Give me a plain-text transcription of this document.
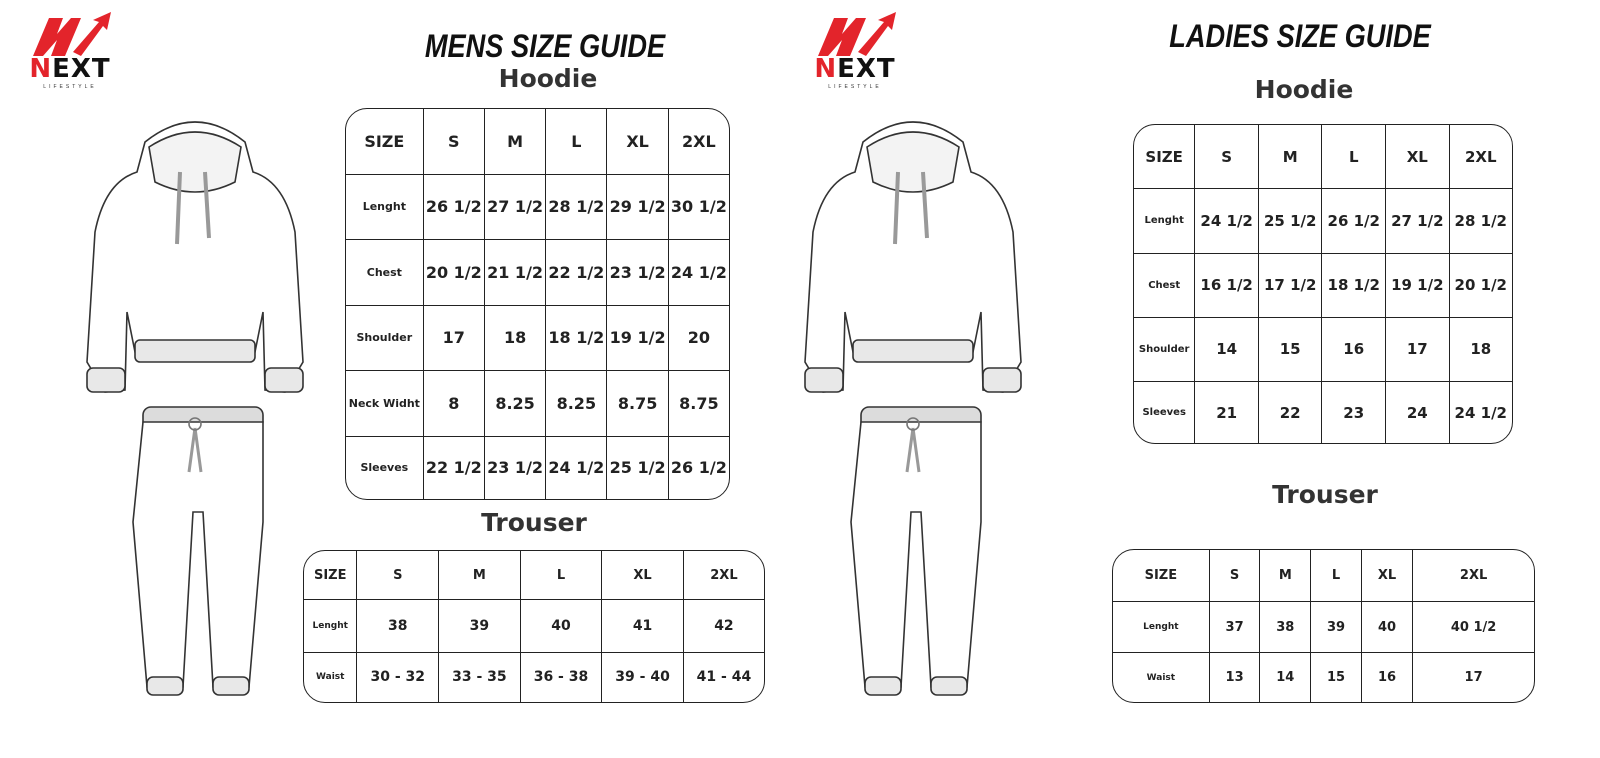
NEXT
LIFESTYLE
NEXT
LIFESTYLE
MENS SIZE GUIDE
Hoodie
Trouser
LADIES SIZE GUIDE
Hoodie
Trouser
SIZE	S	M	L	XL	2XL
Lenght	26 1/2	27 1/2	28 1/2	29 1/2	30 1/2
Chest	20 1/2	21 1/2	22 1/2	23 1/2	24 1/2
Shoulder	17	18	18 1/2	19 1/2	20
Neck Widht	8	8.25	8.25	8.75	8.75
Sleeves	22 1/2	23 1/2	24 1/2	25 1/2	26 1/2
SIZE	S	M	L	XL	2XL
Lenght	38	39	40	41	42
Waist	30 - 32	33 - 35	36 - 38	39 - 40	41 - 44
SIZE	S	M	L	XL	2XL
Lenght	24 1/2	25 1/2	26 1/2	27 1/2	28 1/2
Chest	16 1/2	17 1/2	18 1/2	19 1/2	20 1/2
Shoulder	14	15	16	17	18
Sleeves	21	22	23	24	24 1/2
SIZE	S	M	L	XL	2XL
Lenght	37	38	39	40	40 1/2
Waist	13	14	15	16	17
